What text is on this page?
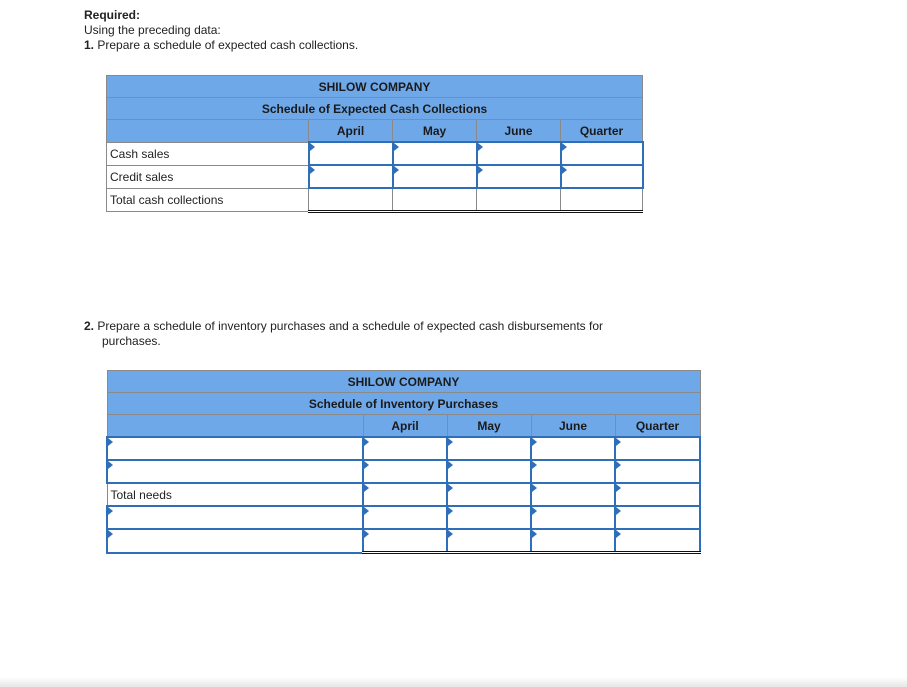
Required:
Using the preceding data:
1. Prepare a schedule of expected cash collections.
SHILOW COMPANY				
Schedule of Expected Cash Collections				
	April	May	June	Quarter
Cash sales				
Credit sales				
Total cash collections				
2. Prepare a schedule of inventory purchases and a schedule of expected cash disbursements for
purchases.
SHILOW COMPANY				
Schedule of Inventory Purchases				
	April	May	June	Quarter

Total needs				
